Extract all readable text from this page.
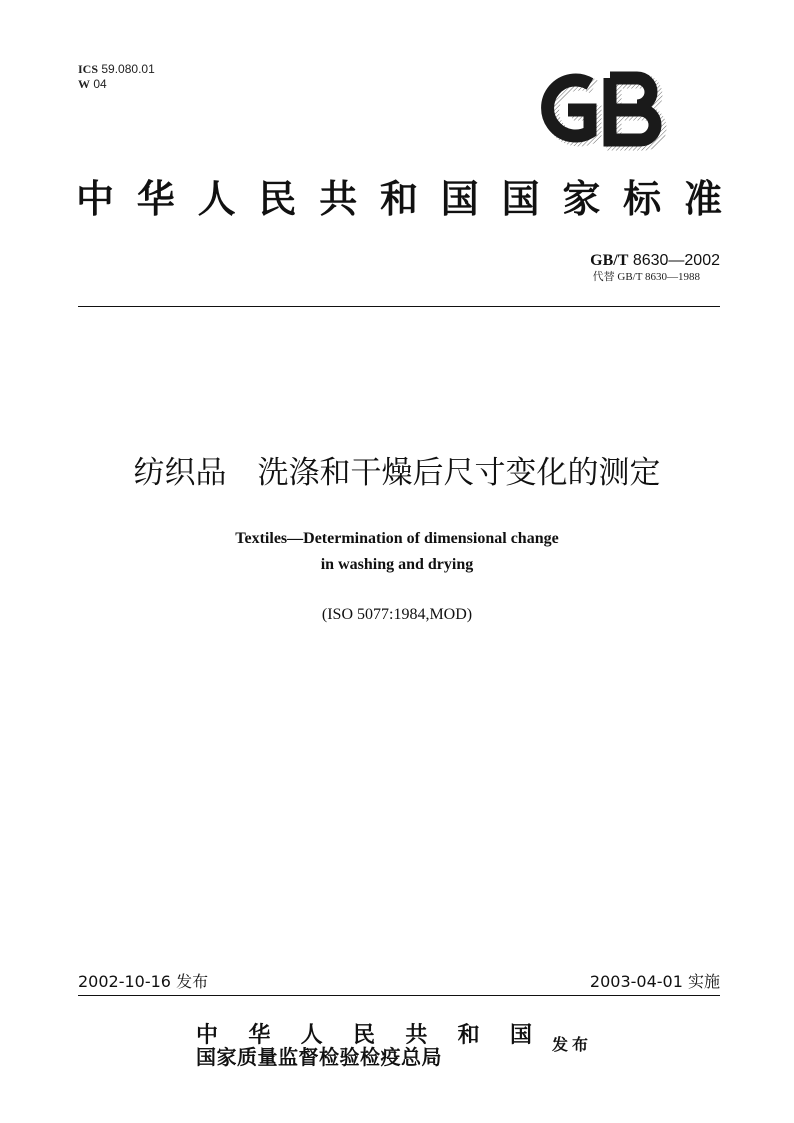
ICS 59.080.01
W 04
中 华 人 民 共 和 国 国 家 标 准
GB/T 8630—2002
代替 GB/T 8630—1988
纺织品　洗涤和干燥后尺寸变化的测定
Textiles—Determination of dimensional change
in washing and drying
(ISO 5077:1984,MOD)
2002-10-16 发布	2003-04-01 实施
中 华 人 民 共 和 国
国家质量监督检验检疫总局
发布
